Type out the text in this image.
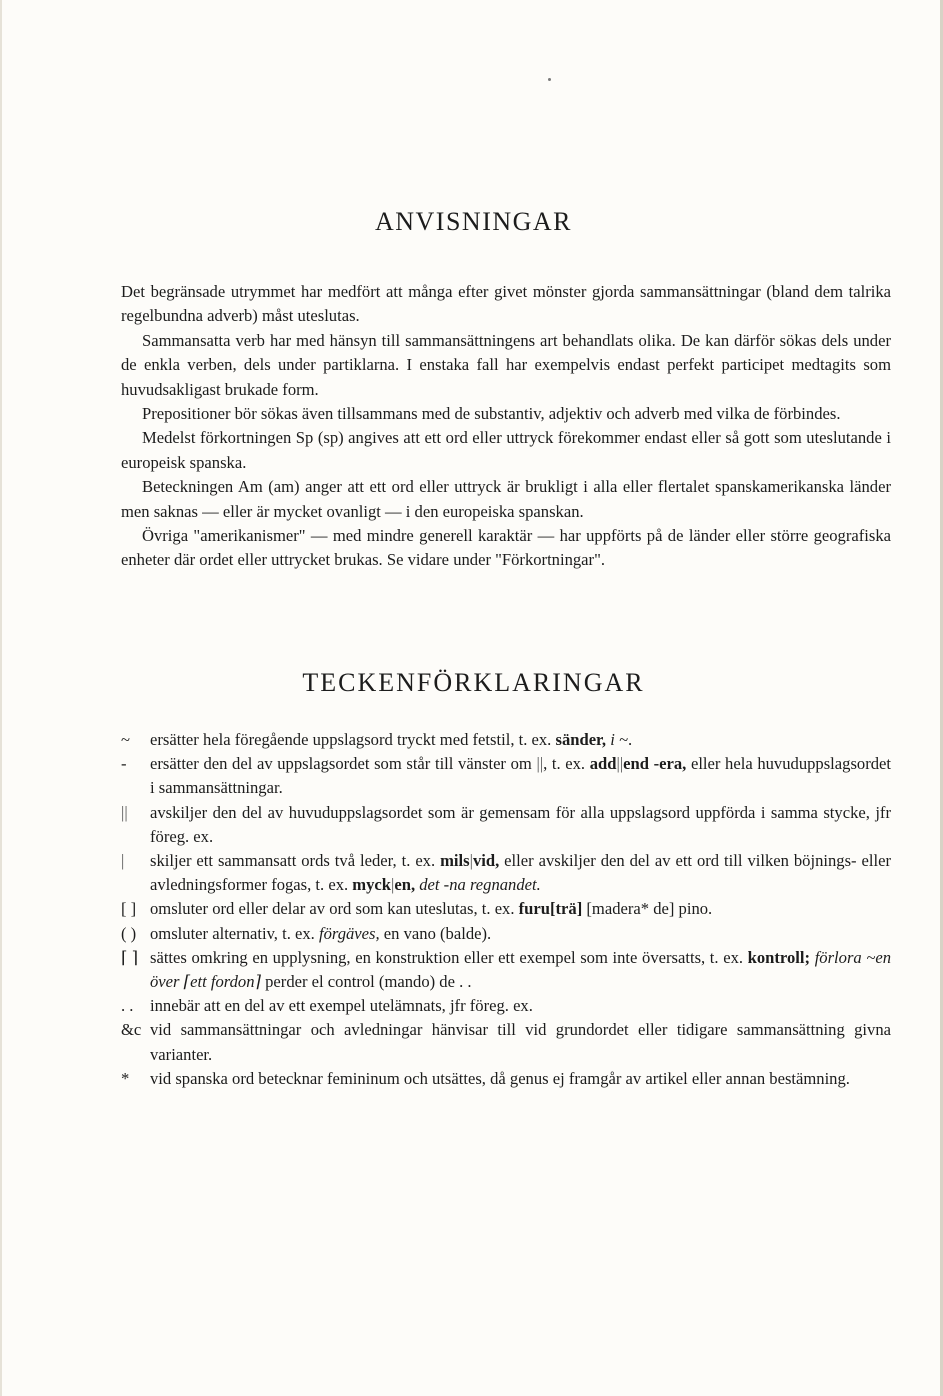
ANVISNINGAR

Det begränsade utrymmet har medfört att många efter givet mönster gjorda sammansättningar (bland dem talrika regelbundna adverb) måst uteslutas.

Sammansatta verb har med hänsyn till sammansättningens art behandlats olika. De kan därför sökas dels under de enkla verben, dels under partiklarna. I enstaka fall har exempelvis endast perfekt participet medtagits som huvudsakligast brukade form.

Prepositioner bör sökas även tillsammans med de substantiv, adjektiv och adverb med vilka de förbindes.

Medelst förkortningen Sp (sp) angives att ett ord eller uttryck förekommer endast eller så gott som uteslutande i europeisk spanska.

Beteckningen Am (am) anger att ett ord eller uttryck är brukligt i alla eller flertalet spanskamerikanska länder men saknas — eller är mycket ovanligt — i den europeiska spanskan.

Övriga "amerikanismer" — med mindre generell karaktär — har uppförts på de länder eller större geografiska enheter där ordet eller uttrycket brukas. Se vidare under "Förkortningar".

TECKENFÖRKLARINGAR
~	ersätter hela föregående uppslagsord tryckt med fetstil, t. ex. sänder, i ~.
-	ersätter den del av uppslagsordet som står till vänster om ||, t. ex. add||end -era, eller hela huvuduppslagsordet i sammansättningar.
||	avskiljer den del av huvuduppslagsordet som är gemensam för alla uppslagsord uppförda i samma stycke, jfr föreg. ex.
|	skiljer ett sammansatt ords två leder, t. ex. mils|vid, eller avskiljer den del av ett ord till vilken böjnings- eller avledningsformer fogas, t. ex. myck|en, det -na regnandet.
[ ] omsluter ord eller delar av ord som kan uteslutas, t. ex. furu[trä] [madera* de] pino.
( ) omsluter alternativ, t. ex. förgäves, en vano (balde).
⌈ ⌉ sättes omkring en upplysning, en konstruktion eller ett exempel som inte översatts, t. ex. kontroll; förlora ~en över ⌈ett fordon⌉ perder el control (mando) de . .
. . innebär att en del av ett exempel utelämnats, jfr föreg. ex.
&c vid sammansättningar och avledningar hänvisar till vid grundordet eller tidigare sammansättning givna varianter.
*	vid spanska ord betecknar femininum och utsättes, då genus ej framgår av artikel eller annan bestämning.
